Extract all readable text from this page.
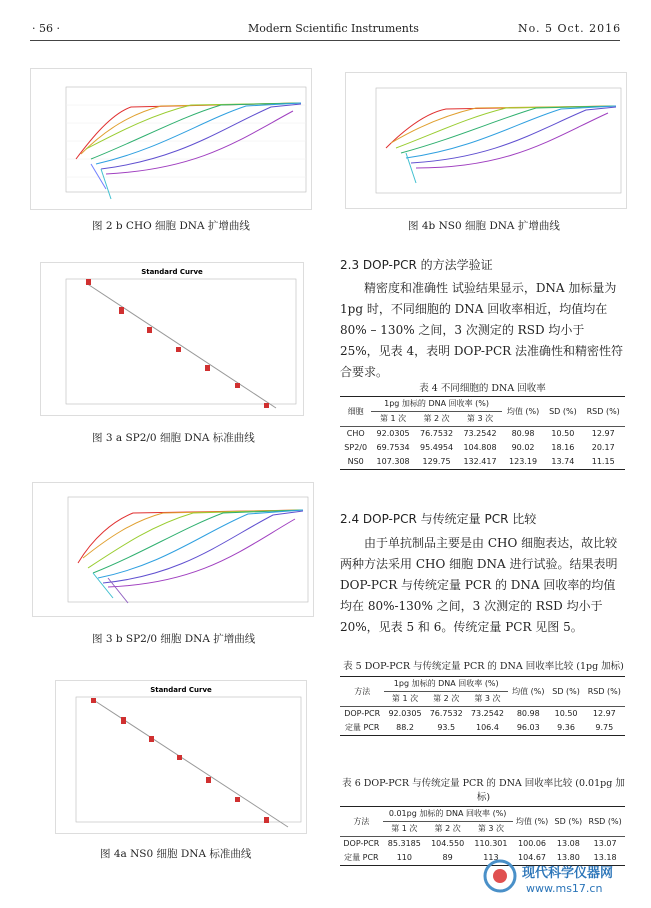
· 56 ·	Modern Scientific Instruments	No. 5 Oct. 2016
图 2 b CHO 细胞 DNA 扩增曲线	图 4b NS0 细胞 DNA 扩增曲线
Standard Curve
图 3 a SP2/0 细胞 DNA 标准曲线
图 3 b SP2/0 细胞 DNA 扩增曲线
Standard Curve
图 4a NS0 细胞 DNA 标准曲线
2.3 DOP-PCR 的方法学验证

精密度和准确性 试验结果显示，DNA 加标量为 1pg 时，不同细胞的 DNA 回收率相近，均值均在 80% – 130% 之间，3 次测定的 RSD 均小于 25%，见表 4，表明 DOP-PCR 法准确性和精密性符合要求。

表 4 不同细胞的 DNA 回收率
细胞	1pg 加标的 DNA 回收率 (%)			均值 (%)	SD (%)	RSD (%)
	第 1 次	第 2 次	第 3 次			
CHO	92.0305	76.7532	73.2542	80.98	10.50	12.97
SP2/0	69.7534	95.4954	104.808	90.02	18.16	20.17
NS0	107.308	129.75	132.417	123.19	13.74	11.15
2.4 DOP-PCR 与传统定量 PCR 比较

由于单抗制品主要是由 CHO 细胞表达，故比较两种方法采用 CHO 细胞 DNA 进行试验。结果表明 DOP-PCR 与传统定量 PCR 的 DNA 回收率的均值均在 80%-130% 之间，3 次测定的 RSD 均小于 20%，见表 5 和 6。传统定量 PCR 见图 5。

表 5 DOP-PCR 与传统定量 PCR 的 DNA 回收率比较 (1pg 加标)
方法	1pg 加标的 DNA 回收率 (%)			均值 (%)	SD (%)	RSD (%)
	第 1 次	第 2 次	第 3 次			
DOP-PCR	92.0305	76.7532	73.2542	80.98	10.50	12.97
定量 PCR	88.2	93.5	106.4	96.03	9.36	9.75
表 6 DOP-PCR 与传统定量 PCR 的 DNA 回收率比较 (0.01pg 加标)
方法	0.01pg 加标的 DNA 回收率 (%)			均值 (%)	SD (%)	RSD (%)
	第 1 次	第 2 次	第 3 次			
DOP-PCR	85.3185	104.550	110.301	100.06	13.08	13.07
定量 PCR	110	89	113	104.67	13.80	13.18
现代科学仪器网
www.ms17.cn
